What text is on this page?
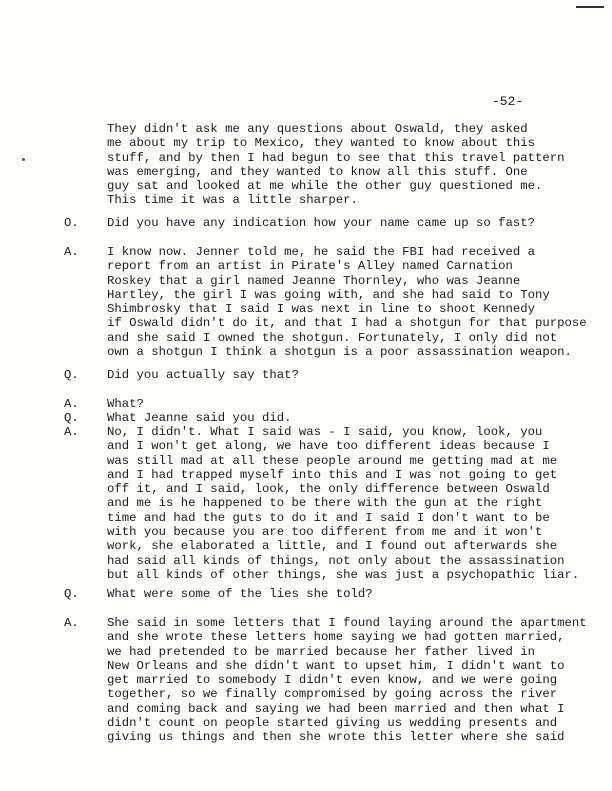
-52-
They didn't ask me any questions about Oswald, they asked
me about my trip to Mexico, they wanted to know about this
stuff, and by then I had begun to see that this travel pattern
was emerging, and they wanted to know all this stuff. One
guy sat and looked at me while the other guy questioned me.
This time it was a little sharper.
O. Did you have any indication how your name came up so fast?
A. I know now. Jenner told me, he said the FBI had received a
report from an artist in Pirate's Alley named Carnation
Roskey that a girl named Jeanne Thornley, who was Jeanne
Hartley, the girl I was going with, and she had said to Tony
Shimbrosky that I said I was next in line to shoot Kennedy
if Oswald didn't do it, and that I had a shotgun for that purpose
and she said I owned the shotgun. Fortunately, I only did not
own a shotgun I think a shotgun is a poor assassination weapon.
Q. Did you actually say that?
A. What?
Q. What Jeanne said you did.
A. No, I didn't. What I said was - I said, you know, look, you
and I won't get along, we have too different ideas because I
was still mad at all these people around me getting mad at me
and I had trapped myself into this and I was not going to get
off it, and I said, look, the only difference between Oswald
and me is he happened to be there with the gun at the right
time and had the guts to do it and I said I don't want to be
with you because you are too different from me and it won't
work, she elaborated a little, and I found out afterwards she
had said all kinds of things, not only about the assassination
but all kinds of other things, she was just a psychopathic liar.
Q. What were some of the lies she told?
A. She said in some letters that I found laying around the apartment
and she wrote these letters home saying we had gotten married,
we had pretended to be married because her father lived in
New Orleans and she didn't want to upset him, I didn't want to
get married to somebody I didn't even know, and we were going
together, so we finally compromised by going across the river
and coming back and saying we had been married and then what I
didn't count on people started giving us wedding presents and
giving us things and then she wrote this letter where she said
